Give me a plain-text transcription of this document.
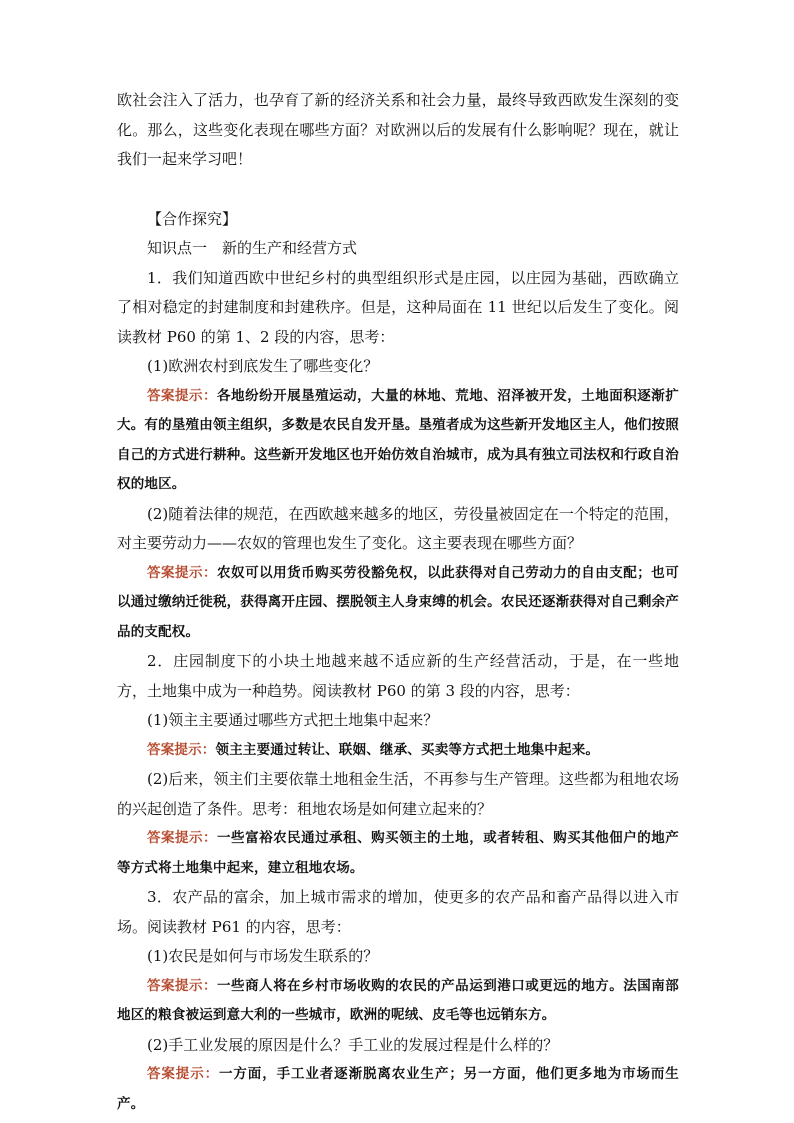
欧社会注入了活力，也孕育了新的经济关系和社会力量，最终导致西欧发生深刻的变化。那么，这些变化表现在哪些方面？对欧洲以后的发展有什么影响呢？现在，就让我们一起来学习吧！

【合作探究】

知识点一　新的生产和经营方式

1．我们知道西欧中世纪乡村的典型组织形式是庄园，以庄园为基础，西欧确立了相对稳定的封建制度和封建秩序。但是，这种局面在 11 世纪以后发生了变化。阅读教材 P60 的第 1、2 段的内容，思考：

(1)欧洲农村到底发生了哪些变化？

答案提示：各地纷纷开展垦殖运动，大量的林地、荒地、沼泽被开发，土地面积逐渐扩大。有的垦殖由领主组织，多数是农民自发开垦。垦殖者成为这些新开发地区主人，他们按照自己的方式进行耕种。这些新开发地区也开始仿效自治城市，成为具有独立司法权和行政自治权的地区。

(2)随着法律的规范，在西欧越来越多的地区，劳役量被固定在一个特定的范围，对主要劳动力——农奴的管理也发生了变化。这主要表现在哪些方面？

答案提示：农奴可以用货币购买劳役豁免权，以此获得对自己劳动力的自由支配；也可以通过缴纳迁徙税，获得离开庄园、摆脱领主人身束缚的机会。农民还逐渐获得对自己剩余产品的支配权。

2．庄园制度下的小块土地越来越不适应新的生产经营活动，于是，在一些地方，土地集中成为一种趋势。阅读教材 P60 的第 3 段的内容，思考：

(1)领主主要通过哪些方式把土地集中起来？

答案提示：领主主要通过转让、联姻、继承、买卖等方式把土地集中起来。

(2)后来，领主们主要依靠土地租金生活，不再参与生产管理。这些都为租地农场的兴起创造了条件。思考：租地农场是如何建立起来的？

答案提示：一些富裕农民通过承租、购买领主的土地，或者转租、购买其他佃户的地产等方式将土地集中起来，建立租地农场。

3．农产品的富余，加上城市需求的增加，使更多的农产品和畜产品得以进入市场。阅读教材 P61 的内容，思考：

(1)农民是如何与市场发生联系的？

答案提示：一些商人将在乡村市场收购的农民的产品运到港口或更远的地方。法国南部地区的粮食被运到意大利的一些城市，欧洲的呢绒、皮毛等也远销东方。

(2)手工业发展的原因是什么？手工业的发展过程是什么样的？

答案提示：一方面，手工业者逐渐脱离农业生产；另一方面，他们更多地为市场而生产。
